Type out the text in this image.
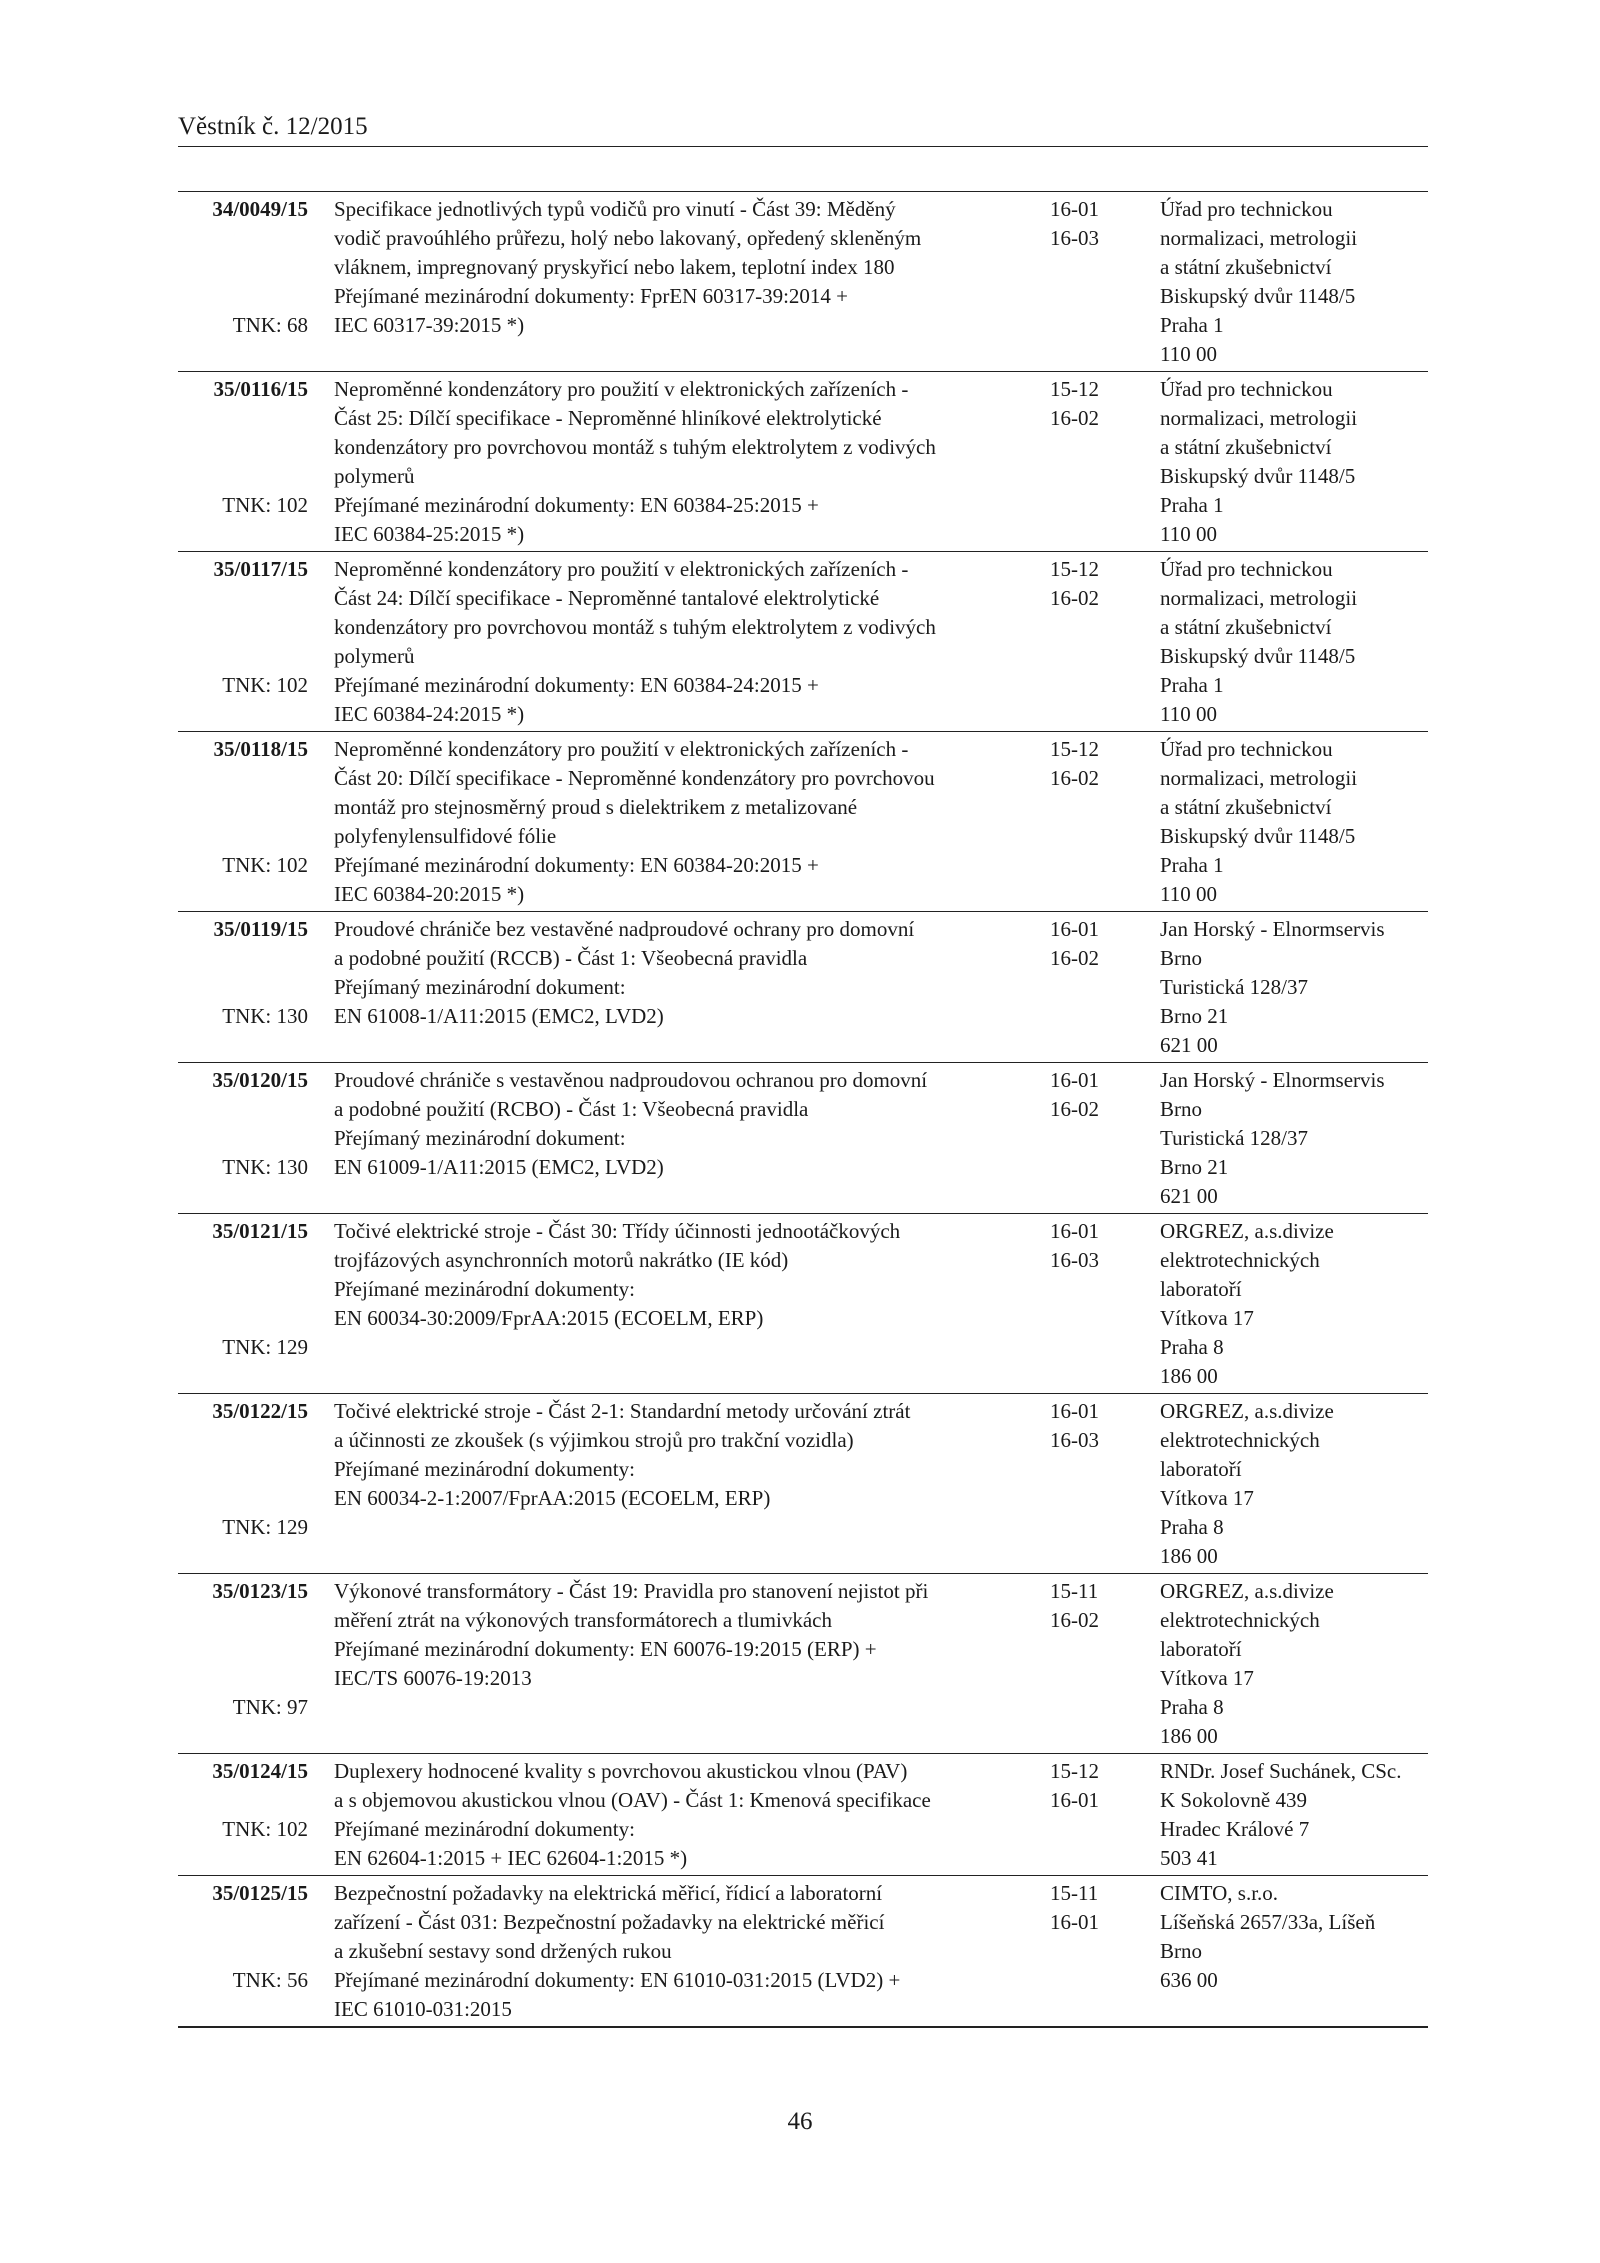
Věstník č. 12/2015
34/0049/15
TNK: 68
Specifikace jednotlivých typů vodičů pro vinutí - Část 39: Měděný
vodič pravoúhlého průřezu, holý nebo lakovaný, opředený skleněným
vláknem, impregnovaný pryskyřicí nebo lakem, teplotní index 180
Přejímané mezinárodní dokumenty: FprEN 60317-39:2014 +
IEC 60317-39:2015 *)
16-01
16-03
Úřad pro technickou
normalizaci, metrologii
a státní zkušebnictví
Biskupský dvůr 1148/5
Praha 1
110 00
35/0116/15
TNK: 102
Neproměnné kondenzátory pro použití v elektronických zařízeních -
Část 25: Dílčí specifikace - Neproměnné hliníkové elektrolytické
kondenzátory pro povrchovou montáž s tuhým elektrolytem z vodivých
polymerů
Přejímané mezinárodní dokumenty: EN 60384-25:2015 +
IEC 60384-25:2015 *)
15-12
16-02
Úřad pro technickou
normalizaci, metrologii
a státní zkušebnictví
Biskupský dvůr 1148/5
Praha 1
110 00
35/0117/15
TNK: 102
Neproměnné kondenzátory pro použití v elektronických zařízeních -
Část 24: Dílčí specifikace - Neproměnné tantalové elektrolytické
kondenzátory pro povrchovou montáž s tuhým elektrolytem z vodivých
polymerů
Přejímané mezinárodní dokumenty: EN 60384-24:2015 +
IEC 60384-24:2015 *)
15-12
16-02
Úřad pro technickou
normalizaci, metrologii
a státní zkušebnictví
Biskupský dvůr 1148/5
Praha 1
110 00
35/0118/15
TNK: 102
Neproměnné kondenzátory pro použití v elektronických zařízeních -
Část 20: Dílčí specifikace - Neproměnné kondenzátory pro povrchovou
montáž pro stejnosměrný proud s dielektrikem z metalizované
polyfenylensulfidové fólie
Přejímané mezinárodní dokumenty: EN 60384-20:2015 +
IEC 60384-20:2015 *)
15-12
16-02
Úřad pro technickou
normalizaci, metrologii
a státní zkušebnictví
Biskupský dvůr 1148/5
Praha 1
110 00
35/0119/15
TNK: 130
Proudové chrániče bez vestavěné nadproudové ochrany pro domovní
a podobné použití (RCCB) - Část 1: Všeobecná pravidla
Přejímaný mezinárodní dokument:
EN 61008-1/A11:2015 (EMC2, LVD2)
16-01
16-02
Jan Horský - Elnormservis
Brno
Turistická 128/37
Brno 21
621 00
35/0120/15
TNK: 130
Proudové chrániče s vestavěnou nadproudovou ochranou pro domovní
a podobné použití (RCBO) - Část 1: Všeobecná pravidla
Přejímaný mezinárodní dokument:
EN 61009-1/A11:2015 (EMC2, LVD2)
16-01
16-02
Jan Horský - Elnormservis
Brno
Turistická 128/37
Brno 21
621 00
35/0121/15
TNK: 129
Točivé elektrické stroje - Část 30: Třídy účinnosti jednootáčkových
trojfázových asynchronních motorů nakrátko (IE kód)
Přejímané mezinárodní dokumenty:
EN 60034-30:2009/FprAA:2015 (ECOELM, ERP)
16-01
16-03
ORGREZ, a.s.divize
elektrotechnických
laboratoří
Vítkova 17
Praha 8
186 00
35/0122/15
TNK: 129
Točivé elektrické stroje - Část 2-1: Standardní metody určování ztrát
a účinnosti ze zkoušek (s výjimkou strojů pro trakční vozidla)
Přejímané mezinárodní dokumenty:
EN 60034-2-1:2007/FprAA:2015 (ECOELM, ERP)
16-01
16-03
ORGREZ, a.s.divize
elektrotechnických
laboratoří
Vítkova 17
Praha 8
186 00
35/0123/15
TNK: 97
Výkonové transformátory - Část 19: Pravidla pro stanovení nejistot při
měření ztrát na výkonových transformátorech a tlumivkách
Přejímané mezinárodní dokumenty: EN 60076-19:2015 (ERP) +
IEC/TS 60076-19:2013
15-11
16-02
ORGREZ, a.s.divize
elektrotechnických
laboratoří
Vítkova 17
Praha 8
186 00
35/0124/15
TNK: 102
Duplexery hodnocené kvality s povrchovou akustickou vlnou (PAV)
a s objemovou akustickou vlnou (OAV) - Část 1: Kmenová specifikace
Přejímané mezinárodní dokumenty:
EN 62604-1:2015 + IEC 62604-1:2015 *)
15-12
16-01
RNDr. Josef Suchánek, CSc.
K Sokolovně 439
Hradec Králové 7
503 41
35/0125/15
TNK: 56
Bezpečnostní požadavky na elektrická měřicí, řídicí a laboratorní
zařízení - Část 031: Bezpečnostní požadavky na elektrické měřicí
a zkušební sestavy sond držených rukou
Přejímané mezinárodní dokumenty: EN 61010-031:2015 (LVD2) +
IEC 61010-031:2015
15-11
16-01
CIMTO, s.r.o.
Líšeňská 2657/33a, Líšeň
Brno
636 00
46
